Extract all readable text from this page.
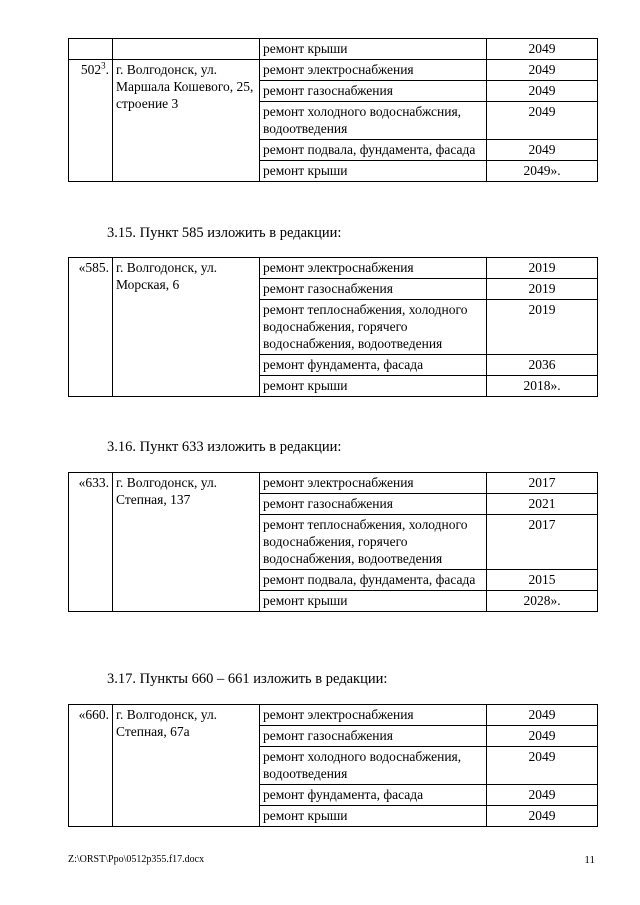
		ремонт крыши	2049
$502^3$.	г. Волгодонск, ул. Маршала Кошевого, 25, строение 3	ремонт электроснабжения	2049
		ремонт газоснабжения	2049
		ремонт холодного водоснабжсния, водоотведения	2049
		ремонт подвала, фундамента, фасада	2049
		ремонт крыши	2049».
3.15. Пункт 585 изложить в редакции:
«585.	г. Волгодонск, ул. Морская, 6	ремонт электроснабжения	2019
		ремонт газоснабжения	2019
		ремонт теплоснабжения, холодного водоснабжения, горячего водоснабжения, водоотведения	2019
		ремонт фундамента, фасада	2036
		ремонт крыши	2018».
3.16. Пункт 633 изложить в редакции:
«633.	г. Волгодонск, ул. Степная, 137	ремонт электроснабжения	2017
		ремонт газоснабжения	2021
		ремонт теплоснабжения, холодного водоснабжения, горячего водоснабжения, водоотведения	2017
		ремонт подвала, фундамента, фасада	2015
		ремонт крыши	2028».
3.17. Пункты 660 – 661 изложить в редакции:
«660.	г. Волгодонск, ул. Степная, 67а	ремонт электроснабжения	2049
		ремонт газоснабжения	2049
		ремонт холодного водоснабжения, водоотведения	2049
		ремонт фундамента, фасада	2049
		ремонт крыши	2049
Z:\ORST\Ppo\0512p355.f17.docx	11
